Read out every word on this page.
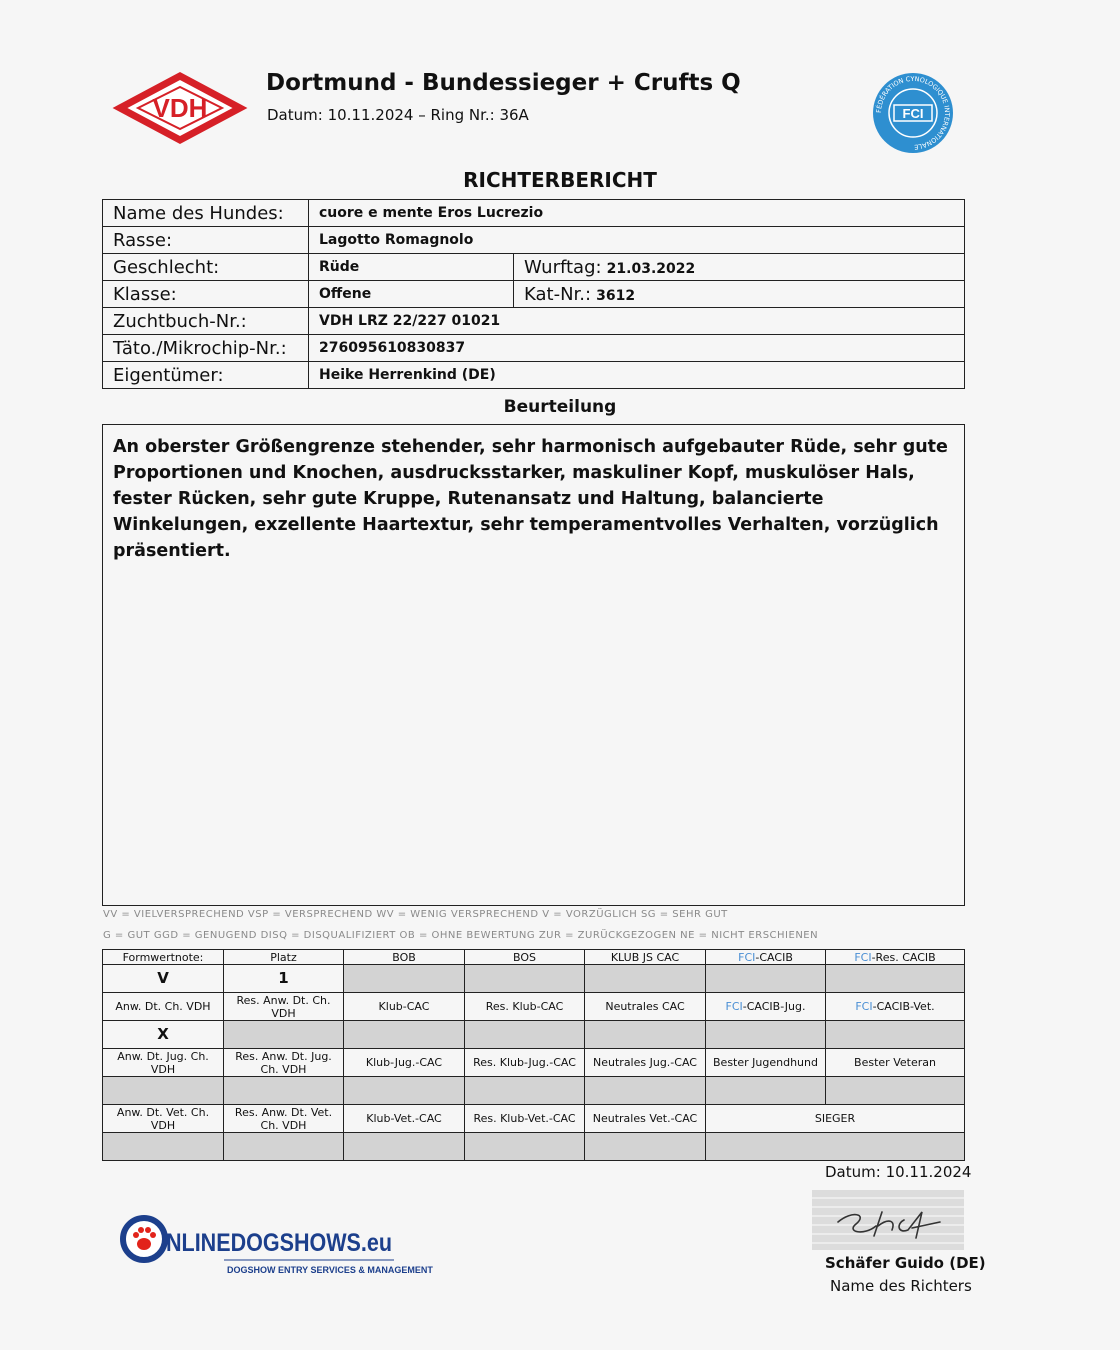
VDH
Dortmund - Bundessieger + Crufts Q
Datum: 10.11.2024 – Ring Nr.: 36A	FÉDÉRATION CYNOLOGIQUE INTERNATIONALE
FCI
RICHTERBERICHT
Name des Hundes:	cuore e mente Eros Lucrezio	
Rasse:	Lagotto Romagnolo	
Geschlecht:	Rüde	Wurftag: 21.03.2022
Klasse:	Offene	Kat-Nr.: 3612
Zuchtbuch-Nr.:	VDH LRZ 22/227 01021	
Täto./Mikrochip-Nr.:	276095610830837	
Eigentümer:	Heike Herrenkind (DE)	
Beurteilung
An oberster Größengrenze stehender, sehr harmonisch aufgebauter Rüde, sehr gute Proportionen und Knochen, ausdrucksstarker, maskuliner Kopf, muskulöser Hals, fester Rücken, sehr gute Kruppe, Rutenansatz und Haltung, balancierte Winkelungen, exzellente Haartextur, sehr temperamentvolles Verhalten, vorzüglich präsentiert.
VV = VIELVERSPRECHEND VSP = VERSPRECHEND WV = WENIG VERSPRECHEND V = VORZÜGLICH SG = SEHR GUT
G = GUT GGD = GENUGEND DISQ = DISQUALIFIZIERT OB = OHNE BEWERTUNG ZUR = ZURÜCKGEZOGEN NE = NICHT ERSCHIENEN
Formwertnote:	Platz	BOB	BOS	KLUB JS CAC	FCI-CACIB	FCI-Res. CACIB
V	1					
Anw. Dt. Ch. VDH	Res. Anw. Dt. Ch. VDH	Klub-CAC	Res. Klub-CAC	Neutrales CAC	FCI-CACIB-Jug.	FCI-CACIB-Vet.
X						
Anw. Dt. Jug. Ch. VDH	Res. Anw. Dt. Jug. Ch. VDH	Klub-Jug.-CAC	Res. Klub-Jug.-CAC	Neutrales Jug.-CAC	Bester Jugendhund	Bester Veteran

Anw. Dt. Vet. Ch. VDH	Res. Anw. Dt. Vet. Ch. VDH	Klub-Vet.-CAC	Res. Klub-Vet.-CAC	Neutrales Vet.-CAC	SIEGER	

Datum: 10.11.2024
Schäfer Guido (DE)
Name des Richters
NLINEDOGSHOWS.eu
DOGSHOW ENTRY SERVICES & MANAGEMENT
